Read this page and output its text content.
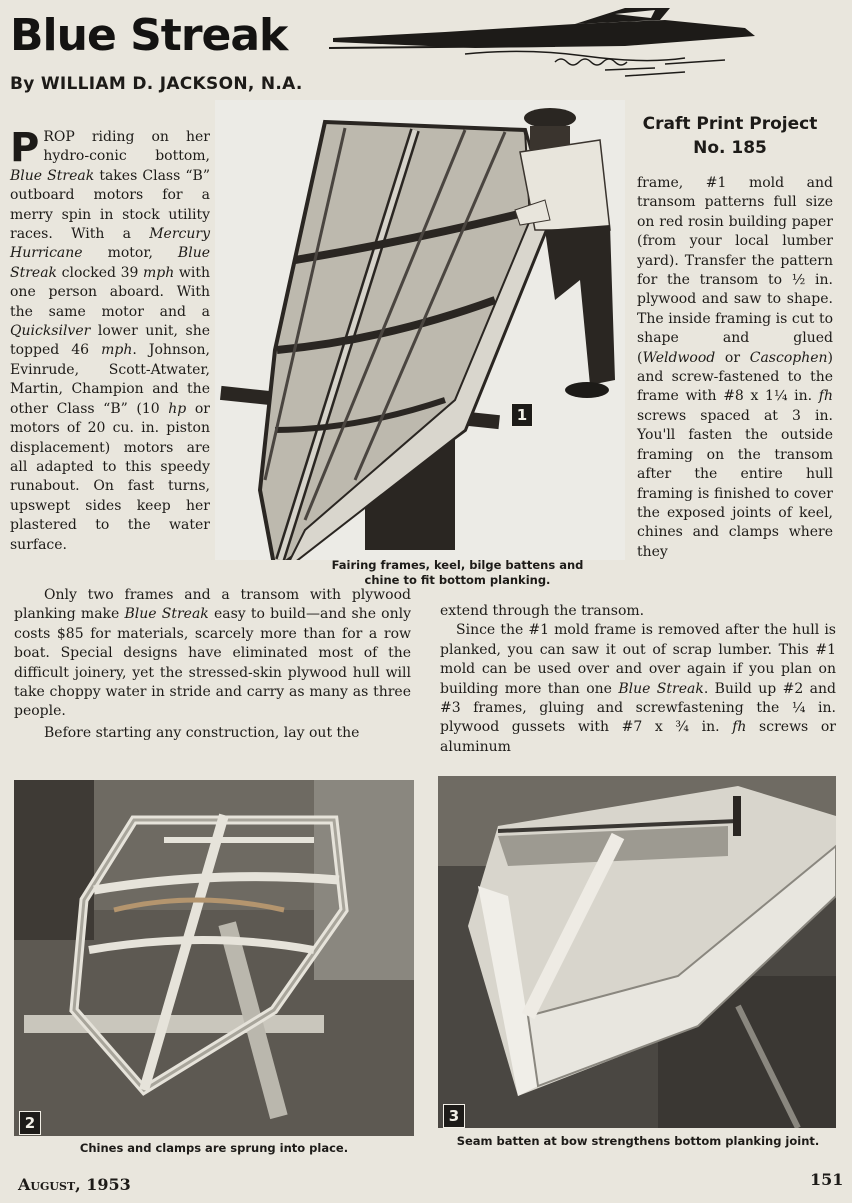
Blue Streak
By WILLIAM D. JACKSON, N.A.

PROP riding on her hydro-conic bottom, Blue Streak takes Class “B” outboard motors for a merry spin in stock utility races. With a Mercury Hurricane motor, Blue Streak clocked 39 mph with one person aboard. With the same motor and a Quicksilver lower unit, she topped 46 mph. Johnson, Evinrude, Scott-Atwater, Martin, Champion and the other Class “B” (10 hp or motors of 20 cu. in. piston displacement) motors are all adapted to this speedy runabout. On fast turns, upswept sides keep her plastered to the water surface.

Only two frames and a transom with plywood planking make Blue Streak easy to build—and she only costs $85 for materials, scarcely more than for a row boat. Special designs have eliminated most of the difficult joinery, yet the stressed-skin plywood hull will take choppy water in stride and carry as many as three people.

Before starting any construction, lay out the

1
Fairing frames, keel, bilge battens and chine to fit bottom planking.
Craft Print Project
No. 185

frame, #1 mold and transom patterns full size on red rosin building paper (from your local lumber yard). Transfer the pattern for the transom to ½ in. plywood and saw to shape. The inside framing is cut to shape and glued (Weldwood or Cascophen) and screw-fastened to the frame with #8 x 1¼ in. fh screws spaced at 3 in. You'll fasten the outside framing on the transom after the entire hull framing is finished to cover the exposed joints of keel, chines and clamps where they

extend through the transom.

Since the #1 mold frame is removed after the hull is planked, you can saw it out of scrap lumber. This #1 mold can be used over and over again if you plan on building more than one Blue Streak. Build up #2 and #3 frames, gluing and screwfastening the ¼ in. plywood gussets with #7 x ¾ in. fh screws or aluminum

2
Chines and clamps are sprung into place.
3
Seam batten at bow strengthens bottom planking joint.
August, 1953	151
